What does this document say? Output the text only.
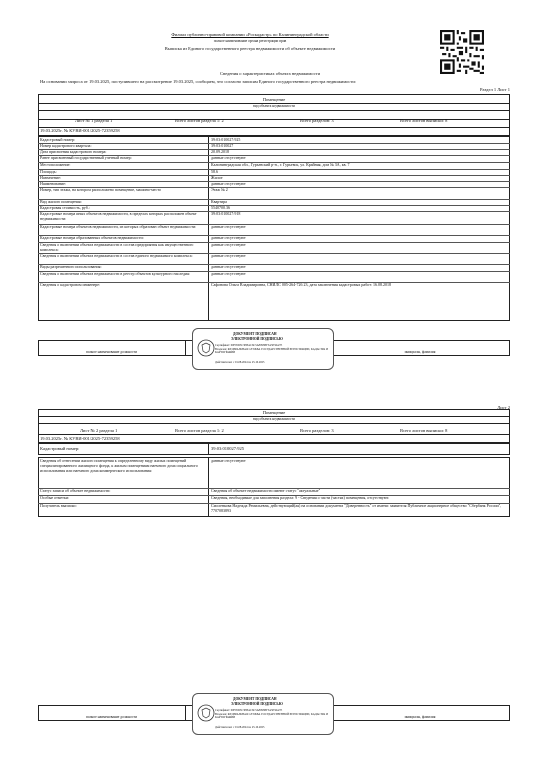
Филиал публично-правовой компании «Роскадастр» по Калининградской области
полное наименование органа регистрации прав
Выписка из Единого государственного реестра недвижимости об объекте недвижимости
Сведения о характеристиках объекта недвижимости
На основании запроса от 19.03.2025, поступившего на рассмотрение 19.03.2025, сообщаем, что согласно записям Единого государственного реестра недвижимости:
Раздел 1 Лист 1
Помещение
вид объекта недвижимости
Лист № 1 раздела 1	Всего листов раздела 1: 2	Всего разделов: 3	Всего листов выписки: 8
19.03.2025г. № КУВИ-001/2025-72359258
Кадастровый номер:	39:03:010027:925
Номер кадастрового квартала:	39:03:010027
Дата присвоения кадастрового номера:	20.09.2018
Ранее присвоенный государственный учетный номер:	данные отсутствуют
Местоположение:	Калининградская обл., Гурьевский р-н., г. Гурьевск, ул. Крайняя, дом № 3А, кв. 7
Площадь:	58.6
Назначение:	Жилое
Наименование:	данные отсутствуют
Номер, тип этажа, на котором расположено помещение, машино-место	Этаж № 2
Вид жилого помещения:	Квартира
Кадастровая стоимость, руб.:	5540700.36
Кадастровые номера иных объектов недвижимости, в пределах которых расположен объект недвижимости:
39:03:010027:918
Кадастровые номера объектов недвижимости, из которых образован объект недвижимости:	данные отсутствуют
Кадастровые номера образованных объектов недвижимости:	данные отсутствуют
Сведения о включении объекта недвижимости в состав предприятия как имущественного комплекса:
данные отсутствуют
Сведения о включении объекта недвижимости в состав единого недвижимого комплекса:	данные отсутствуют
Виды разрешенного использования:	данные отсутствуют
Сведения о включении объекта недвижимости в реестр объектов культурного наследия:	данные отсутствуют
Сведения о кадастровом инженере:	Сафонова Ольга Владимировна, СНИЛС 005-264-726 23, дата заключения кадастровых работ: 16.08.2018
полное наименование должности	инициалы, фамилия
ДОКУМЕНТ ПОДПИСАН
ЭЛЕКТРОННОЙ ПОДПИСЬЮ
Сертификат: 00F95D5C3EBAC6C5A8095BF5A5E56A7E
Владелец: ФЕДЕРАЛЬНАЯ СЛУЖБА ГОСУДАРСТВЕННОЙ РЕГИСТРАЦИИ, КАДАСТРА И КАРТОГРАФИИ
Действителен: с 01.08.2024 по 25.10.2025
Лист 2
Помещение
вид объекта недвижимости
Лист № 2 раздела 1	Всего листов раздела 1: 2	Всего разделов: 3	Всего листов выписки: 8
19.03.2025г. № КУВИ-001/2025-72359258
Кадастровый номер:	39:03:010027:925
Сведения об отнесении жилого помещения к определенному виду жилых помещений специализированного жилищного фонда, к жилым помещениям наемного дома социального использования или наемного дома коммерческого использования:
данные отсутствуют
Статус записи об объекте недвижимости:	Сведения об объекте недвижимости имеют статус "актуальные"
Особые отметки:	Сведения, необходимые для заполнения раздела: 9 - Сведения о части (частях) помещения, отсутствуют.
Получатель выписки:	Смоленкова Надежда Ремильевна, действующий(ая) на основании документа "Доверенность" от имени: заявителя Публичное акционерное общество "Сбербанк России", 7707083893
полное наименование должности	инициалы, фамилия
ДОКУМЕНТ ПОДПИСАН
ЭЛЕКТРОННОЙ ПОДПИСЬЮ
Сертификат: 00F95D5C3EBAC6C5A8095BF5A5E56A7E
Владелец: ФЕДЕРАЛЬНАЯ СЛУЖБА ГОСУДАРСТВЕННОЙ РЕГИСТРАЦИИ, КАДАСТРА И КАРТОГРАФИИ
Действителен: с 01.08.2024 по 25.10.2025
